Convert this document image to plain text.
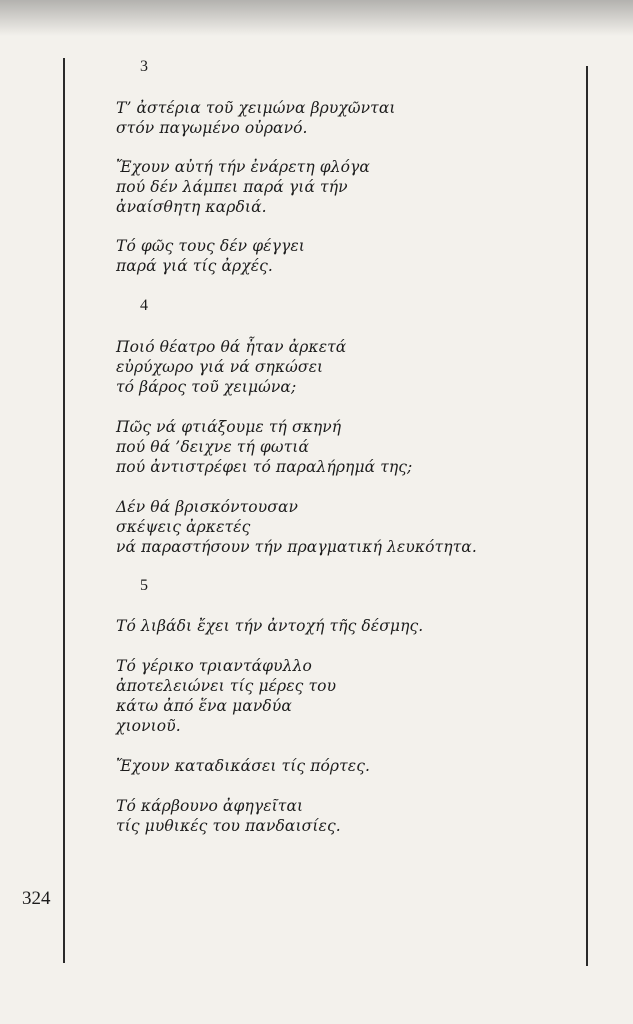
3
Τ’ ἀστέρια τοῦ χειμώνα βρυχῶνται
στόν παγωμένο οὐρανό.
Ἔχουν αὐτή τήν ἐνάρετη φλόγα
πού δέν λάμπει παρά γιά τήν
ἀναίσθητη καρδιά.
Τό φῶς τους δέν φέγγει
παρά γιά τίς ἀρχές.
4
Ποιό θέατρο θά ἦταν ἀρκετά
εὐρύχωρο γιά νά σηκώσει
τό βάρος τοῦ χειμώνα;
Πῶς νά φτιάξουμε τή σκηνή
πού θά ’δειχνε τή φωτιά
πού ἀντιστρέφει τό παραλήρημά της;
Δέν θά βρισκόντουσαν
σκέψεις ἀρκετές
νά παραστήσουν τήν πραγματική λευκότητα.
5
Τό λιβάδι ἔχει τήν ἀντοχή τῆς δέσμης.
Τό γέρικο τριαντάφυλλο
ἀποτελειώνει τίς μέρες του
κάτω ἀπό ἕνα μανδύα
χιονιοῦ.
Ἔχουν καταδικάσει τίς πόρτες.
Τό κάρβουνο ἀφηγεῖται
τίς μυθικές του πανδαισίες.
324
